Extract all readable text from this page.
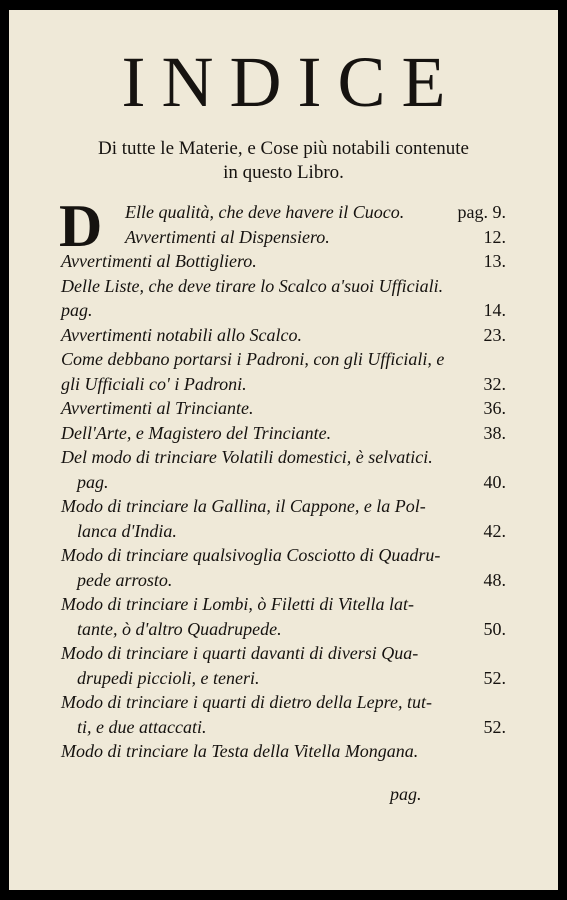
INDICE
Di tutte le Materie, e Cose più notabili contenute
in questo Libro.
D	Elle qualità, che deve havere il Cuoco.	pag. 9.
Avvertimenti al Dispensiero.	12.
Avvertimenti al Bottigliero.	13.
Delle Liste, che deve tirare lo Scalco a'suoi Ufficiali.
pag.	14.
Avvertimenti notabili allo Scalco.	23.
Come debbano portarsi i Padroni, con gli Ufficiali, e
gli Ufficiali co' i Padroni.	32.
Avvertimenti al Trinciante.	36.
Dell'Arte, e Magistero del Trinciante.	38.
Del modo di trinciare Volatili domestici, è selvatici.
pag.	40.
Modo di trinciare la Gallina, il Cappone, e la Pol-
lanca d'India.	42.
Modo di trinciare qualsivoglia Cosciotto di Quadru-
pede arrosto.	48.
Modo di trinciare i Lombi, ò Filetti di Vitella lat-
tante, ò d'altro Quadrupede.	50.
Modo di trinciare i quarti davanti di diversi Qua-
drupedi piccioli, e teneri.	52.
Modo di trinciare i quarti di dietro della Lepre, tut-
ti, e due attaccati.	52.
Modo di trinciare la Testa della Vitella Mongana.
pag.
